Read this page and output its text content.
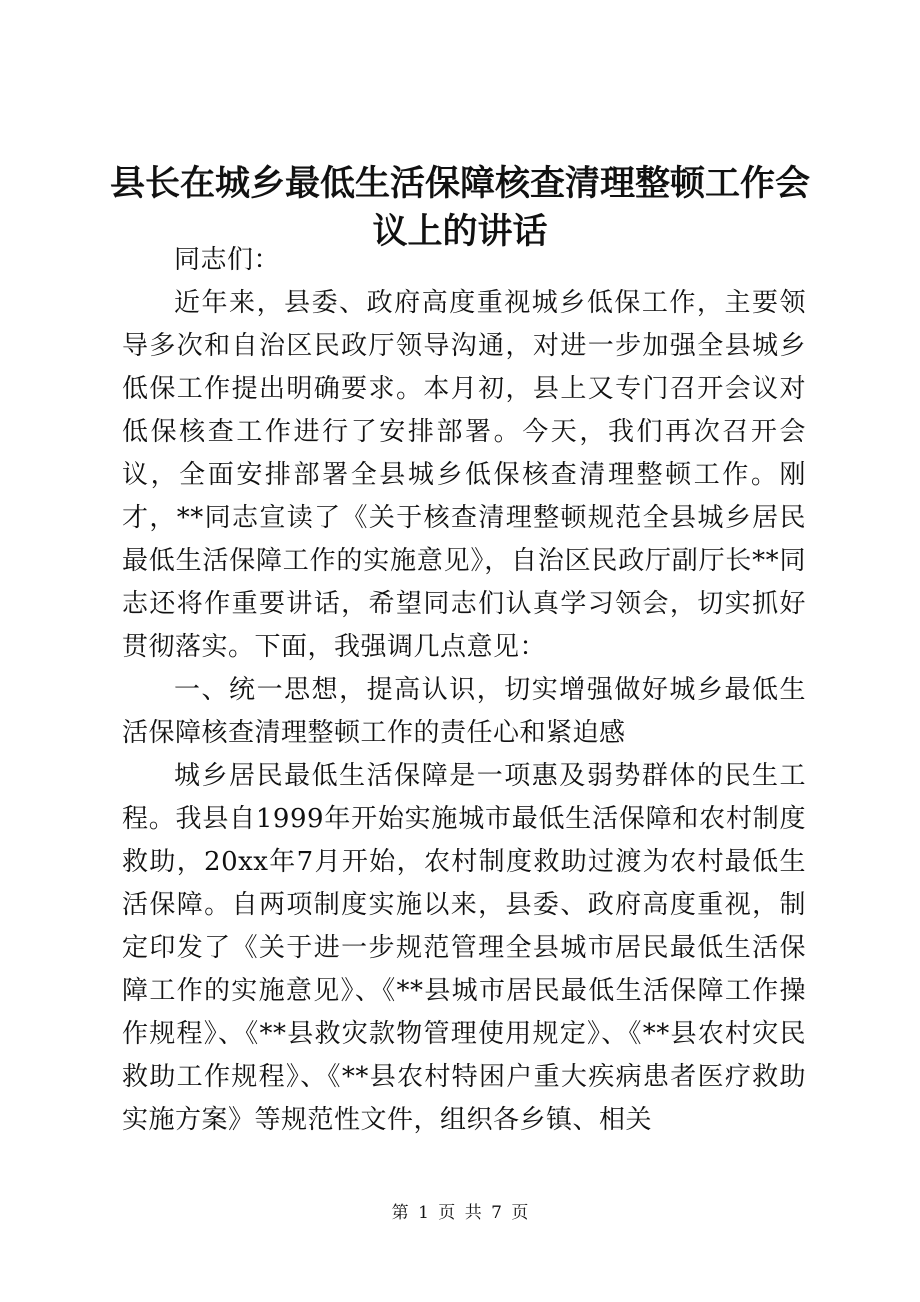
县长在城乡最低生活保障核查清理整顿工作会议上的讲话

同志们：

近年来，县委、政府高度重视城乡低保工作，主要领导多次和自治区民政厅领导沟通，对进一步加强全县城乡低保工作提出明确要求。本月初，县上又专门召开会议对低保核查工作进行了安排部署。今天，我们再次召开会议，全面安排部署全县城乡低保核查清理整顿工作。刚才，**同志宣读了《关于核查清理整顿规范全县城乡居民最低生活保障工作的实施意见》，自治区民政厅副厅长**同志还将作重要讲话，希望同志们认真学习领会，切实抓好贯彻落实。下面，我强调几点意见：

一、统一思想，提高认识，切实增强做好城乡最低生活保障核查清理整顿工作的责任心和紧迫感

城乡居民最低生活保障是一项惠及弱势群体的民生工程。我县自1999年开始实施城市最低生活保障和农村制度救助，20xx年7月开始，农村制度救助过渡为农村最低生活保障。自两项制度实施以来，县委、政府高度重视，制定印发了《关于进一步规范管理全县城市居民最低生活保障工作的实施意见》、《**县城市居民最低生活保障工作操作规程》、《**县救灾款物管理使用规定》、《**县农村灾民救助工作规程》、《**县农村特困户重大疾病患者医疗救助实施方案》等规范性文件，组织各乡镇、相关

第 1 页 共 7 页
